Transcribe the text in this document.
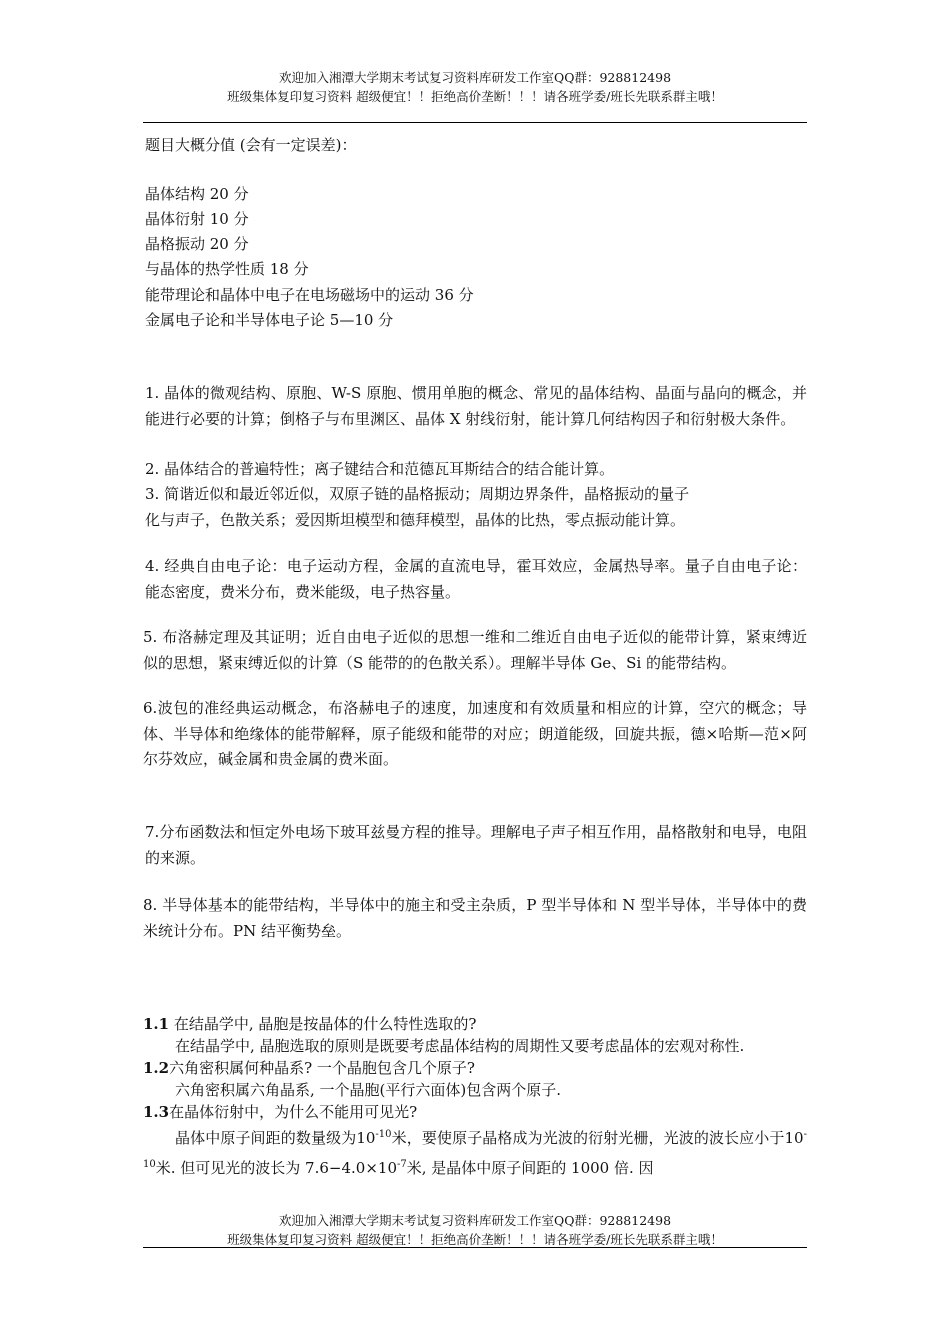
欢迎加入湘潭大学期末考试复习资料库研发工作室QQ群：928812498
班级集体复印复习资料 超级便宜！！拒绝高价垄断！！！请各班学委/班长先联系群主哦！
题目大概分值 (会有一定误差)：
晶体结构 20 分
晶体衍射 10 分
晶格振动 20 分
与晶体的热学性质 18 分
能带理论和晶体中电子在电场磁场中的运动 36 分
金属电子论和半导体电子论 5—10 分
1. 晶体的微观结构、原胞、W-S 原胞、惯用单胞的概念、常见的晶体结构、晶面与晶向的概念，并能进行必要的计算；倒格子与布里渊区、晶体 X 射线衍射，能计算几何结构因子和衍射极大条件。
2. 晶体结合的普遍特性；离子键结合和范德瓦耳斯结合的结合能计算。
3. 简谐近似和最近邻近似，双原子链的晶格振动；周期边界条件，晶格振动的量子
化与声子，色散关系；爱因斯坦模型和德拜模型，晶体的比热，零点振动能计算。
4. 经典自由电子论：电子运动方程，金属的直流电导，霍耳效应，金属热导率。量子自由电子论：能态密度，费米分布，费米能级，电子热容量。
5. 布洛赫定理及其证明；近自由电子近似的思想一维和二维近自由电子近似的能带计算，紧束缚近似的思想，紧束缚近似的计算（S 能带的的色散关系）。理解半导体 Ge、Si 的能带结构。
6.波包的准经典运动概念，布洛赫电子的速度，加速度和有效质量和相应的计算，空穴的概念；导体、半导体和绝缘体的能带解释，原子能级和能带的对应；朗道能级，回旋共振，德×哈斯—范×阿尔芬效应，碱金属和贵金属的费米面。
7.分布函数法和恒定外电场下玻耳兹曼方程的推导。理解电子声子相互作用，晶格散射和电导，电阻的来源。
8. 半导体基本的能带结构，半导体中的施主和受主杂质，P 型半导体和 N 型半导体，半导体中的费米统计分布。PN 结平衡势垒。
1.1 在结晶学中, 晶胞是按晶体的什么特性选取的?
在结晶学中, 晶胞选取的原则是既要考虑晶体结构的周期性又要考虑晶体的宏观对称性.
1.2六角密积属何种晶系? 一个晶胞包含几个原子?
六角密积属六角晶系, 一个晶胞(平行六面体)包含两个原子.
1.3在晶体衍射中，为什么不能用可见光?
晶体中原子间距的数量级为$10^{-10}$米，要使原子晶格成为光波的衍射光栅，光波的波长应小于$10^{-10}$米. 但可见光的波长为 $7.6-4.0\times 10^{-7}$米, 是晶体中原子间距的 1000 倍. 因
欢迎加入湘潭大学期末考试复习资料库研发工作室QQ群：928812498
班级集体复印复习资料 超级便宜！！拒绝高价垄断！！！请各班学委/班长先联系群主哦！
